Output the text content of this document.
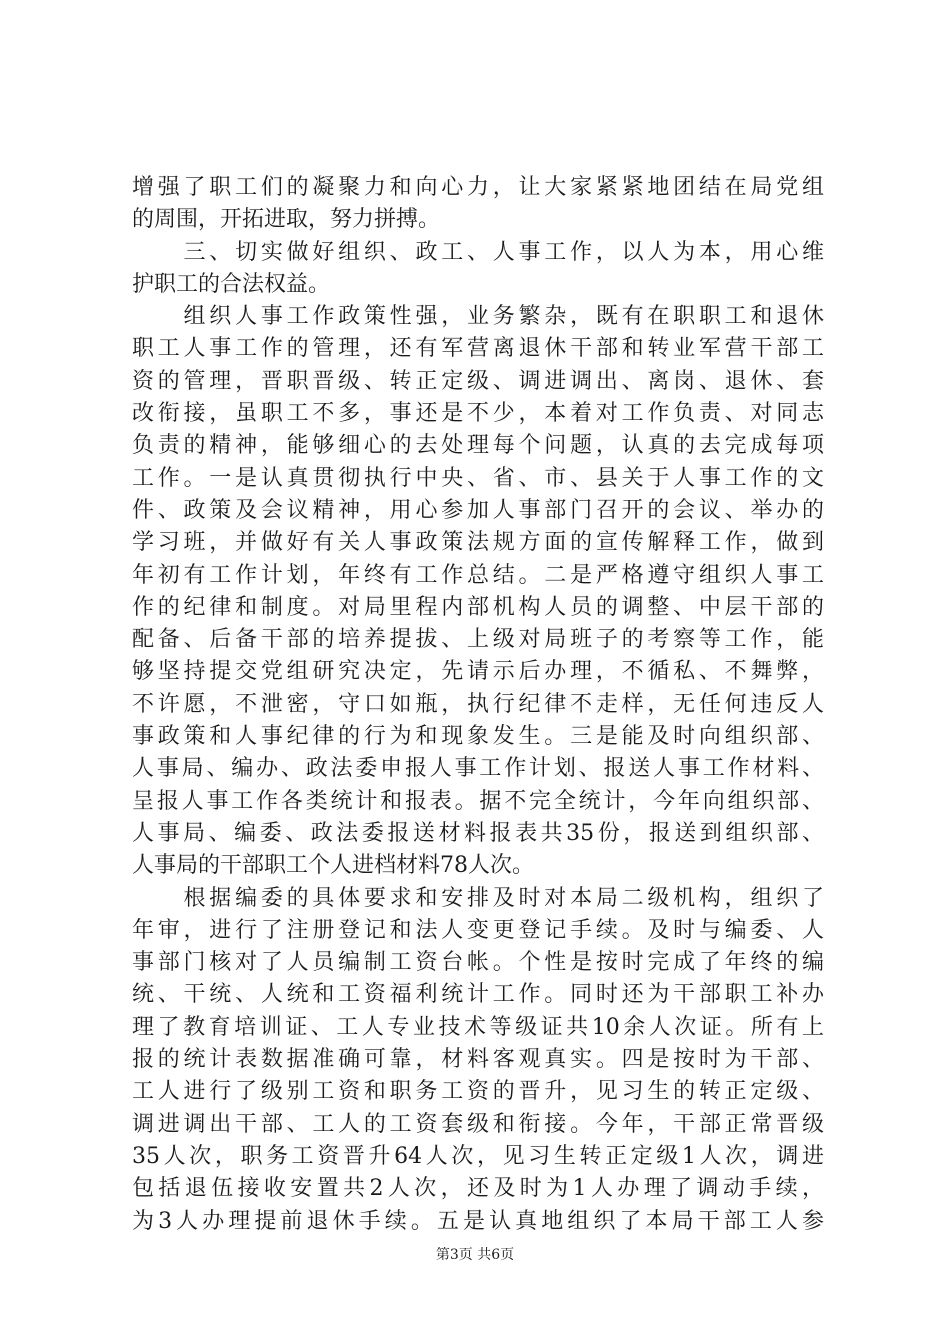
增强了职工们的凝聚力和向心力，让大家紧紧地团结在局党组
的周围，开拓进取，努力拼搏。
　　三、切实做好组织、政工、人事工作，以人为本，用心维
护职工的合法权益。
　　组织人事工作政策性强，业务繁杂，既有在职职工和退休
职工人事工作的管理，还有军营离退休干部和转业军营干部工
资的管理，晋职晋级、转正定级、调进调出、离岗、退休、套
改衔接，虽职工不多，事还是不少，本着对工作负责、对同志
负责的精神，能够细心的去处理每个问题，认真的去完成每项
工作。一是认真贯彻执行中央、省、市、县关于人事工作的文
件、政策及会议精神，用心参加人事部门召开的会议、举办的
学习班，并做好有关人事政策法规方面的宣传解释工作，做到
年初有工作计划，年终有工作总结。二是严格遵守组织人事工
作的纪律和制度。对局里程内部机构人员的调整、中层干部的
配备、后备干部的培养提拔、上级对局班子的考察等工作，能
够坚持提交党组研究决定，先请示后办理，不循私、不舞弊，
不许愿，不泄密，守口如瓶，执行纪律不走样，无任何违反人
事政策和人事纪律的行为和现象发生。三是能及时向组织部、
人事局、编办、政法委申报人事工作计划、报送人事工作材料、
呈报人事工作各类统计和报表。据不完全统计，今年向组织部、
人事局、编委、政法委报送材料报表共35份，报送到组织部、
人事局的干部职工个人进档材料78人次。
　　根据编委的具体要求和安排及时对本局二级机构，组织了
年审，进行了注册登记和法人变更登记手续。及时与编委、人
事部门核对了人员编制工资台帐。个性是按时完成了年终的编
统、干统、人统和工资福利统计工作。同时还为干部职工补办
理了教育培训证、工人专业技术等级证共10余人次证。所有上
报的统计表数据准确可靠，材料客观真实。四是按时为干部、
工人进行了级别工资和职务工资的晋升，见习生的转正定级、
调进调出干部、工人的工资套级和衔接。今年，干部正常晋级
35人次，职务工资晋升64人次，见习生转正定级1人次，调进
包括退伍接收安置共2人次，还及时为1人办理了调动手续，
为3人办理提前退休手续。五是认真地组织了本局干部工人参
第3页 共6页
